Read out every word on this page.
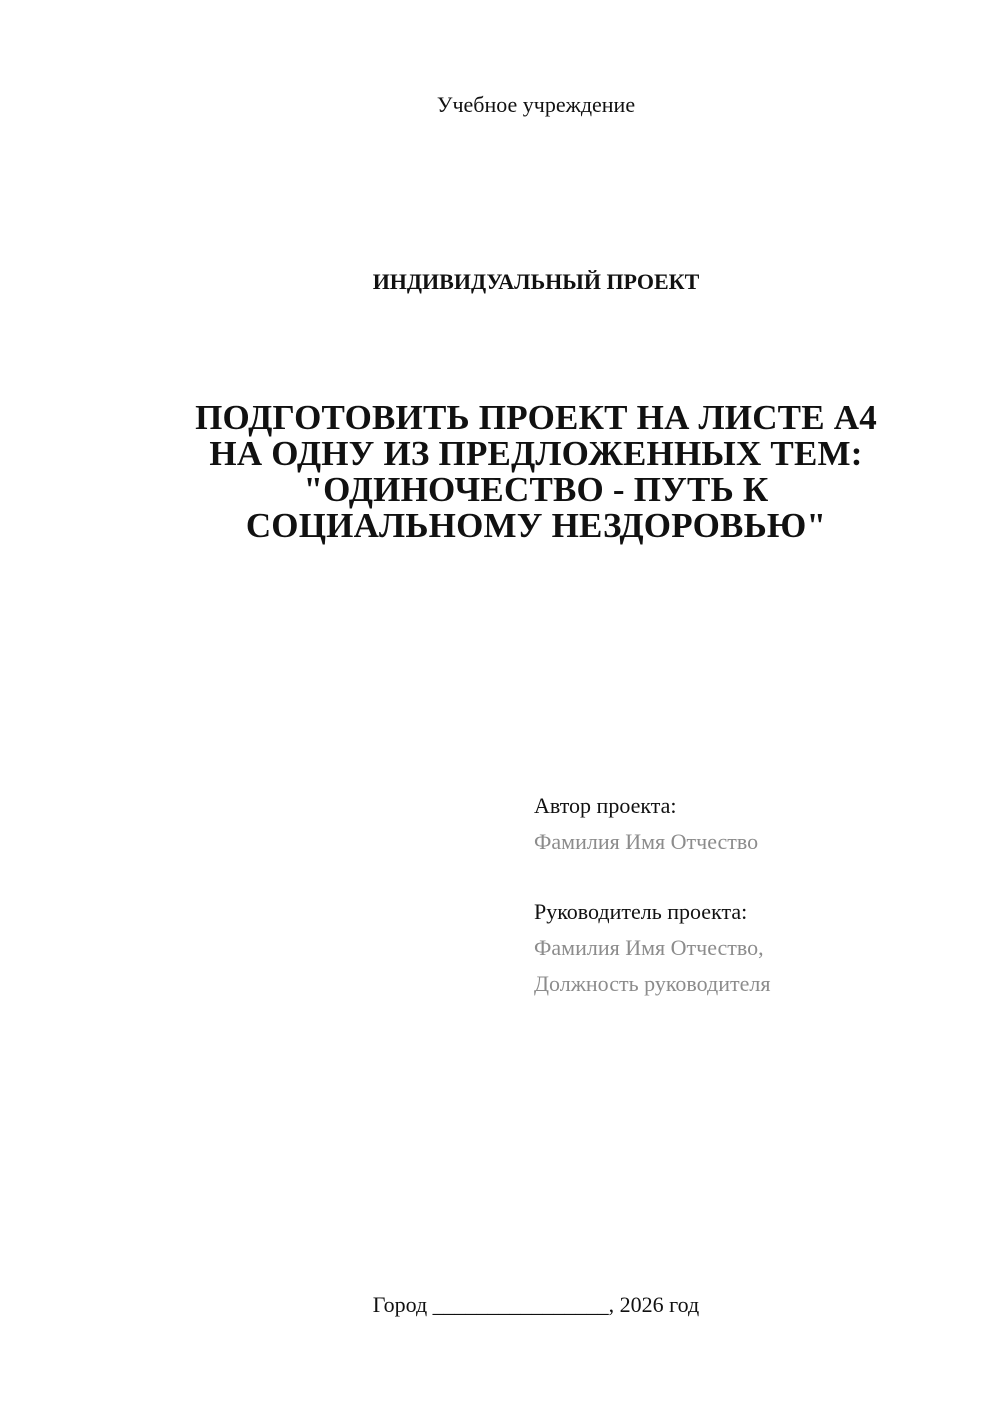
Учебное учреждение
ИНДИВИДУАЛЬНЫЙ ПРОЕКТ
ПОДГОТОВИТЬ ПРОЕКТ НА ЛИСТЕ А4
НА ОДНУ ИЗ ПРЕДЛОЖЕННЫХ ТЕМ:
"ОДИНОЧЕСТВО - ПУТЬ К
СОЦИАЛЬНОМУ НЕЗДОРОВЬЮ"
Автор проекта:
Фамилия Имя Отчество
Руководитель проекта:
Фамилия Имя Отчество,
Должность руководителя
Город ________________, 2026 год
